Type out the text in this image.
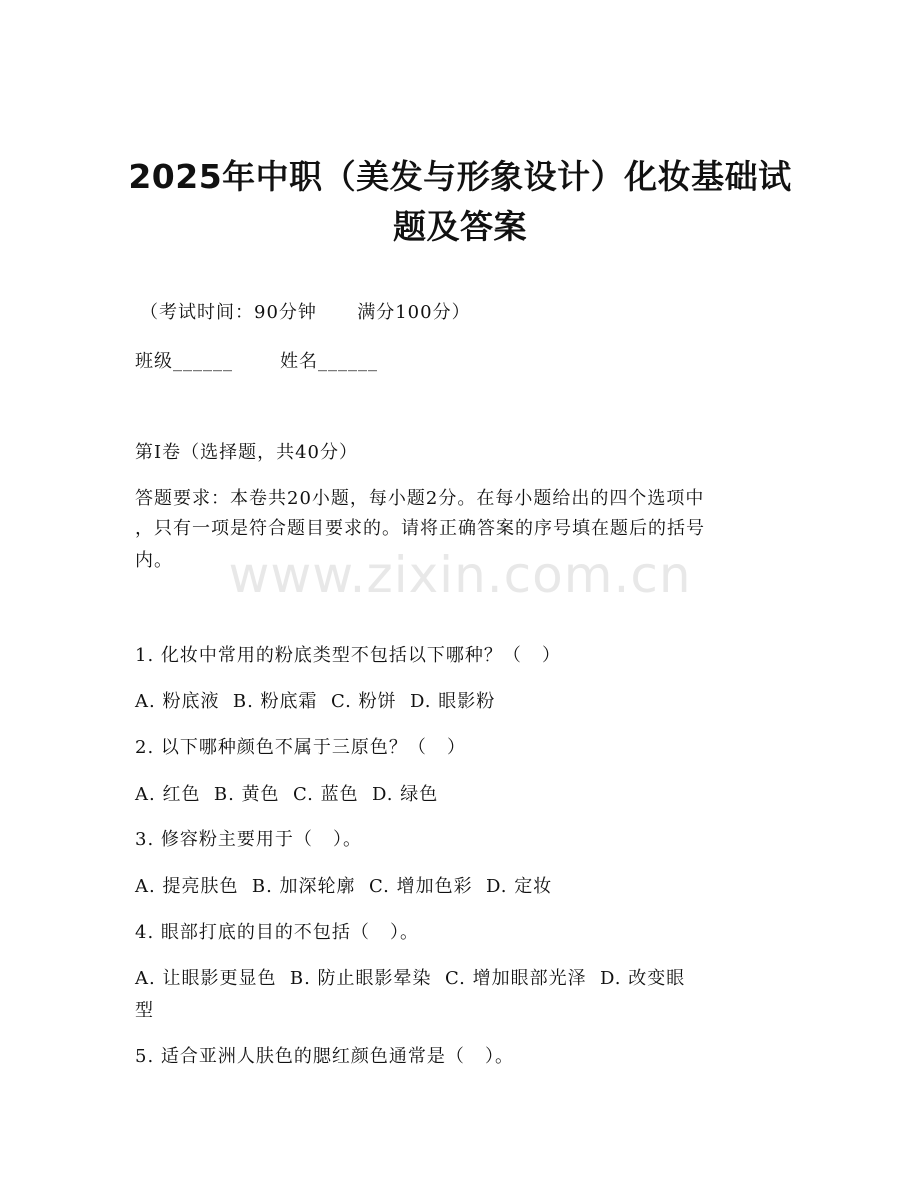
2025年中职（美发与形象设计）化妆基础试
题及答案
（考试时间：90分钟      满分100分）
班级______       姓名______
第I卷（选择题，共40分）
答题要求：本卷共20小题，每小题2分。在每小题给出的四个选项中
，只有一项是符合题目要求的。请将正确答案的序号填在题后的括号
内。	www.zixin.com.cn
1. 化妆中常用的粉底类型不包括以下哪种？（   ）
A. 粉底液  B. 粉底霜  C. 粉饼  D. 眼影粉
2. 以下哪种颜色不属于三原色？（   ）
A. 红色  B. 黄色  C. 蓝色  D. 绿色
3. 修容粉主要用于（   ）。
A. 提亮肤色  B. 加深轮廓  C. 增加色彩  D. 定妆
4. 眼部打底的目的不包括（   ）。
A. 让眼影更显色  B. 防止眼影晕染  C. 增加眼部光泽  D. 改变眼
型
5. 适合亚洲人肤色的腮红颜色通常是（   ）。
